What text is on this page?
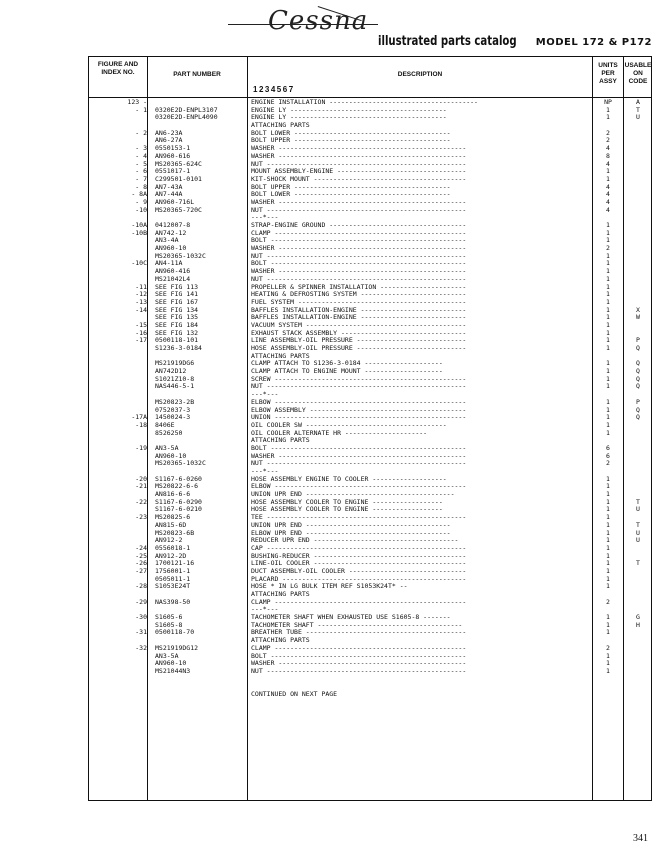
Cessna
illustrated parts catalog MODEL 172 & P172
FIGURE AND INDEX NO.	PART NUMBER	DESCRIPTION
1234567
UNITS PER ASSY
USABLE ON CODE
123 -	ENGINE INSTALLATION --------------------------------------	NP	A
- 1 0320E2D-ENPL3107	ENGINE LY ----------------------------------------	1	T
0320E2D-ENPL4090	ENGINE LY ----------------------------------------	1	U
ATTACHING PARTS
- 2 AN6-23A	BOLT LOWER ----------------------------------------	2
AN6-27A	BOLT UPPER ----------------------------------------	2
- 3 0550153-1	WASHER ------------------------------------------------	4
- 4 AN960-616	WASHER ------------------------------------------------	8
- 5 MS20365-624C	NUT ---------------------------------------------------	4
- 6 0551017-1	MOUNT ASSEMBLY-ENGINE ---------------------------------	1
- 7 C299501-0101	KIT-SHOCK MOUNT ---------------------------------------	1
- 8 AN7-43A	BOLT UPPER ----------------------------------------	4
- 8A AN7-44A	BOLT LOWER ----------------------------------------	4
- 9 AN960-716L	WASHER ------------------------------------------------	4
-10 MS20365-720C	NUT ---------------------------------------------------	4
---*---
-10A 0412007-8	STRAP-ENGINE GROUND -----------------------------------	1
-10B AN742-12	CLAMP -------------------------------------------------	1
AN3-4A	BOLT --------------------------------------------------	1
AN960-10	WASHER ------------------------------------------------	2
MS20365-1032C	NUT ---------------------------------------------------	1
-10C AN4-11A	BOLT --------------------------------------------------	1
AN960-416	WASHER ------------------------------------------------	1
MS21042L4	NUT ---------------------------------------------------	1
-11 SEE FIG 113	PROPELLER & SPINNER INSTALLATION ----------------------	1
-12 SEE FIG 141	HEATING & DEFROSTING SYSTEM ---------------------------	1
-13 SEE FIG 167	FUEL SYSTEM -------------------------------------------	1
-14 SEE FIG 134	BAFFLES INSTALLATION-ENGINE ---------------------------	1	X
SEE FIG 135	BAFFLES INSTALLATION-ENGINE ---------------------------	1	W
-15 SEE FIG 184	VACUUM SYSTEM -----------------------------------------	1
-16 SEE FIG 132	EXHAUST STACK ASSEMBLY --------------------------------	1
-17 0500118-101	LINE ASSEMBLY-OIL PRESSURE ----------------------------	1	P
S1236-3-0184	HOSE ASSEMBLY-OIL PRESSURE ----------------------------	1	Q
ATTACHING PARTS
MS21919DG6	CLAMP ATTACH TO S1236-3-0184 --------------------	1	Q
AN742D12	CLAMP ATTACH TO ENGINE MOUNT --------------------	1	Q
S1021Z10-8	SCREW -------------------------------------------------	1	Q
NAS446-5-1	NUT ---------------------------------------------------	1	Q
---*---
MS20823-2B	ELBOW -------------------------------------------------	1	P
0752037-3	ELBOW ASSEMBLY ----------------------------------------	1	Q
-17A 1450024-3	UNION -------------------------------------------------	1	Q
-18 8406E	OIL COOLER SW ------------------------------------	1
8526250	OIL COOLER ALTERNATE HR ---------------------	1
ATTACHING PARTS
-19 AN3-5A	BOLT --------------------------------------------------	6
AN960-10	WASHER ------------------------------------------------	6
MS20365-1032C	NUT ---------------------------------------------------	2
---*---
-20 S1167-6-0260	HOSE ASSEMBLY ENGINE TO COOLER -------------------	1
-21 MS20822-6-6	ELBOW -------------------------------------------------	1
AN816-6-6	UNION UPR END --------------------------------------	1
-22 S1167-6-0290	HOSE ASSEMBLY COOLER TO ENGINE ------------------	1	T
S1167-6-0210	HOSE ASSEMBLY COOLER TO ENGINE ------------------	1	U
-23 MS20825-6	TEE ---------------------------------------------------	1
AN815-6D	UNION UPR END -------------------------------------	1	T
MS20823-6B	ELBOW UPR END -------------------------------------	1	U
AN912-2	REDUCER UPR END -------------------------------------	1	U
-24 0556018-1	CAP ---------------------------------------------------	1
-25 AN912-2D	BUSHING-REDUCER ---------------------------------------	1
-26 1700121-16	LINE-OIL COOLER ---------------------------------------	1	T
-27 1756001-1	DUCT ASSEMBLY-OIL COOLER ------------------------------	1
0505011-1	PLACARD -----------------------------------------------	1
-28 S1053E24T	HOSE * IN LG BULK ITEM REF S1053K24T* --	1
ATTACHING PARTS
-29 NAS398-50	CLAMP -------------------------------------------------	2
---*---
-30 S1605-6	TACHOMETER SHAFT WHEN EXHAUSTED USE S1605-8 -------	1	G
S1605-8	TACHOMETER SHAFT -------------------------------------	1	H
-31 0500118-70	BREATHER TUBE -----------------------------------------	1
ATTACHING PARTS
-32 MS21919DG12	CLAMP -------------------------------------------------	2
AN3-5A	BOLT --------------------------------------------------	1
AN960-10	WASHER ------------------------------------------------	1
MS21044N3	NUT ---------------------------------------------------	1
CONTINUED ON NEXT PAGE
341
